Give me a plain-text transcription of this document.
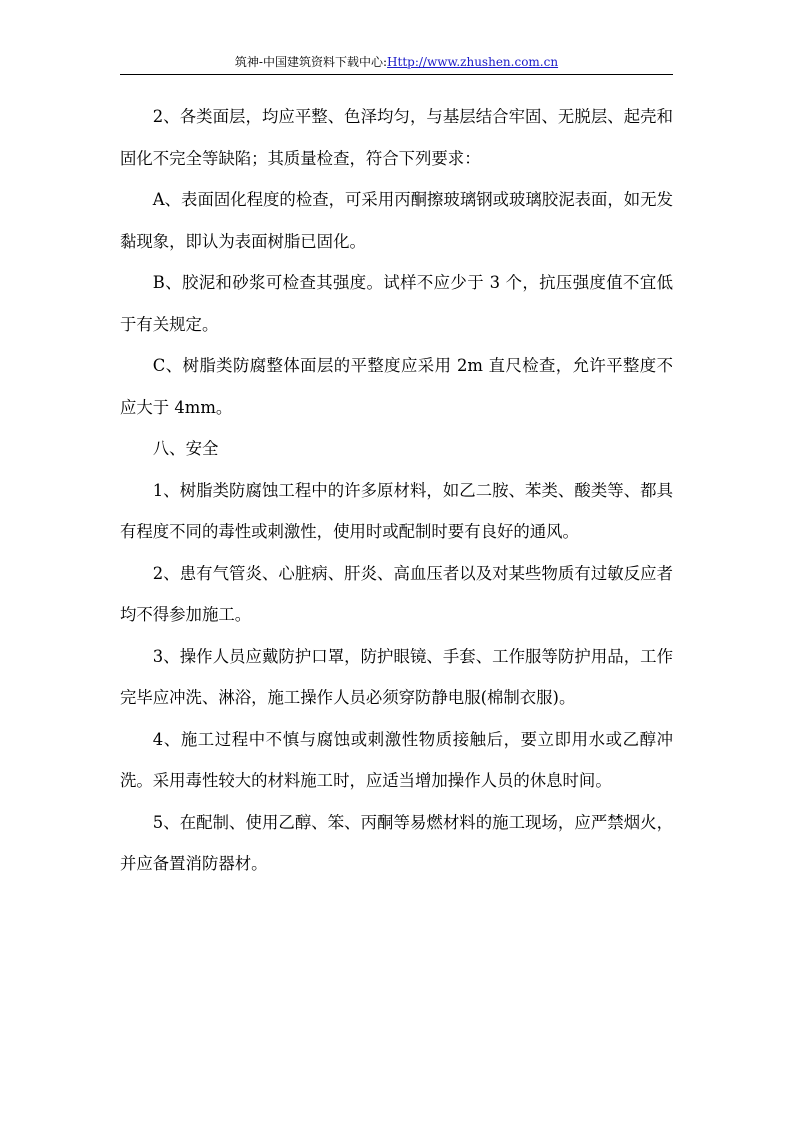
筑神-中国建筑资料下载中心:Http://www.zhushen.com.cn

2、各类面层，均应平整、色泽均匀，与基层结合牢固、无脱层、起壳和固化不完全等缺陷；其质量检查，符合下列要求：

A、表面固化程度的检查，可采用丙酮擦玻璃钢或玻璃胶泥表面，如无发黏现象，即认为表面树脂已固化。

B、胶泥和砂浆可检查其强度。试样不应少于 3 个，抗压强度值不宜低于有关规定。

C、树脂类防腐整体面层的平整度应采用 2m 直尺检查，允许平整度不应大于 4mm。

八、安全

1、树脂类防腐蚀工程中的许多原材料，如乙二胺、苯类、酸类等、都具有程度不同的毒性或刺激性，使用时或配制时要有良好的通风。

2、患有气管炎、心脏病、肝炎、高血压者以及对某些物质有过敏反应者均不得参加施工。

3、操作人员应戴防护口罩，防护眼镜、手套、工作服等防护用品，工作完毕应冲洗、淋浴，施工操作人员必须穿防静电服(棉制衣服)。

4、施工过程中不慎与腐蚀或刺激性物质接触后，要立即用水或乙醇冲洗。采用毒性较大的材料施工时，应适当增加操作人员的休息时间。

5、在配制、使用乙醇、笨、丙酮等易燃材料的施工现场，应严禁烟火，并应备置消防器材。
